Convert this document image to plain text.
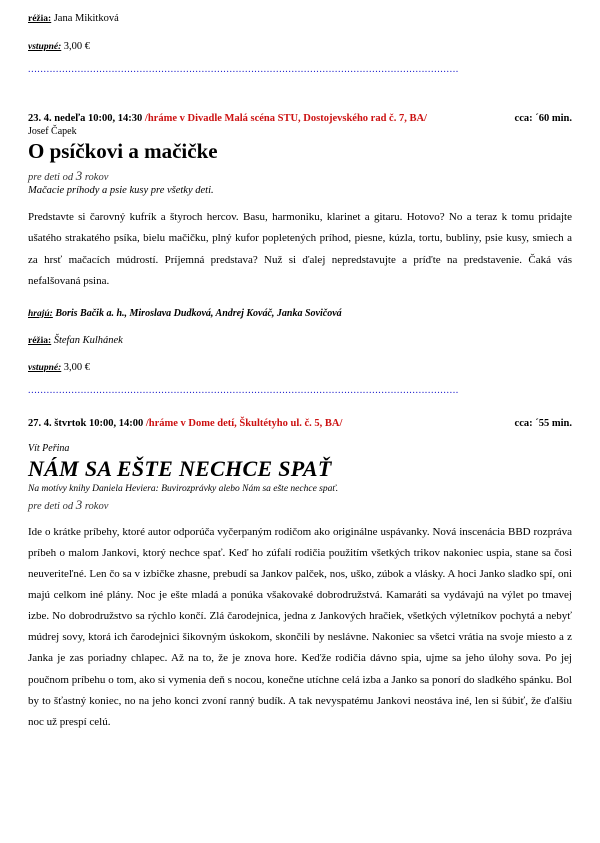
réžia: Jana Mikitková
vstupné: 3,00 €
...........................................................................................................................................
23. 4. nedeľa 10:00, 14:30 /hráme v Divadle Malá scéna STU, Dostojevského rad č. 7, BA/	cca: ´60 min.
Josef Čapek
O psíčkovi a mačičke
pre deti od 3 rokov
Mačacie príhody a psie kusy pre všetky deti.
Predstavte si čarovný kufrík a štyroch hercov. Basu, harmoniku, klarinet a gitaru. Hotovo? No a teraz k tomu pridajte ušatého strakatého psíka, bielu mačičku, plný kufor popletených príhod, piesne, kúzla, tortu, bubliny, psie kusy, smiech a za hrsť mačacích múdrostí. Príjemná predstava? Nuž si ďalej nepredstavujte a príďte na predstavenie. Čaká vás nefalšovaná psina.
hrajú: Boris Bačik a. h., Miroslava Dudková, Andrej Kováč, Janka Sovičová
réžia: Štefan Kulhánek
vstupné: 3,00 €
...........................................................................................................................................
27. 4. štvrtok 10:00, 14:00 /hráme v Dome detí, Škultétyho ul. č. 5, BA/	cca: ´55 min.
Vít Peřina
NÁM SA EŠTE NECHCE SPAŤ
Na motívy knihy Daniela Heviera: Buvirozprávky alebo Nám sa ešte nechce spať.
pre deti od 3 rokov
Ide o krátke príbehy, ktoré autor odporúča vyčerpaným rodičom ako originálne uspávanky. Nová inscenácia BBD rozpráva príbeh o malom Jankovi, ktorý nechce spať. Keď ho zúfalí rodičia použitím všetkých trikov nakoniec uspia, stane sa čosi neuveriteľné. Len čo sa v izbičke zhasne, prebudí sa Jankov palček, nos, uško, zúbok a vlásky. A hoci Janko sladko spí, oni majú celkom iné plány. Noc je ešte mladá a ponúka všakovaké dobrodružstvá. Kamaráti sa vydávajú na výlet po tmavej izbe. No dobrodružstvo sa rýchlo končí. Zlá čarodejnica, jedna z Jankových hračiek, všetkých výletníkov pochytá a nebyť múdrej sovy, ktorá ich čarodejnici šikovným úskokom, skončili by neslávne. Nakoniec sa všetci vrátia na svoje miesto a z Janka je zas poriadny chlapec. Až na to, že je znova hore. Keďže rodičia dávno spia, ujme sa jeho úlohy sova. Po jej poučnom príbehu o tom, ako si vymenia deň s nocou, konečne utíchne celá izba a Janko sa ponorí do sladkého spánku. Bol by to šťastný koniec, no na jeho konci zvoní ranný budík. A tak nevyspatému Jankovi neostáva iné, len si šúbiť, že ďalšiu noc už prespí celú.
